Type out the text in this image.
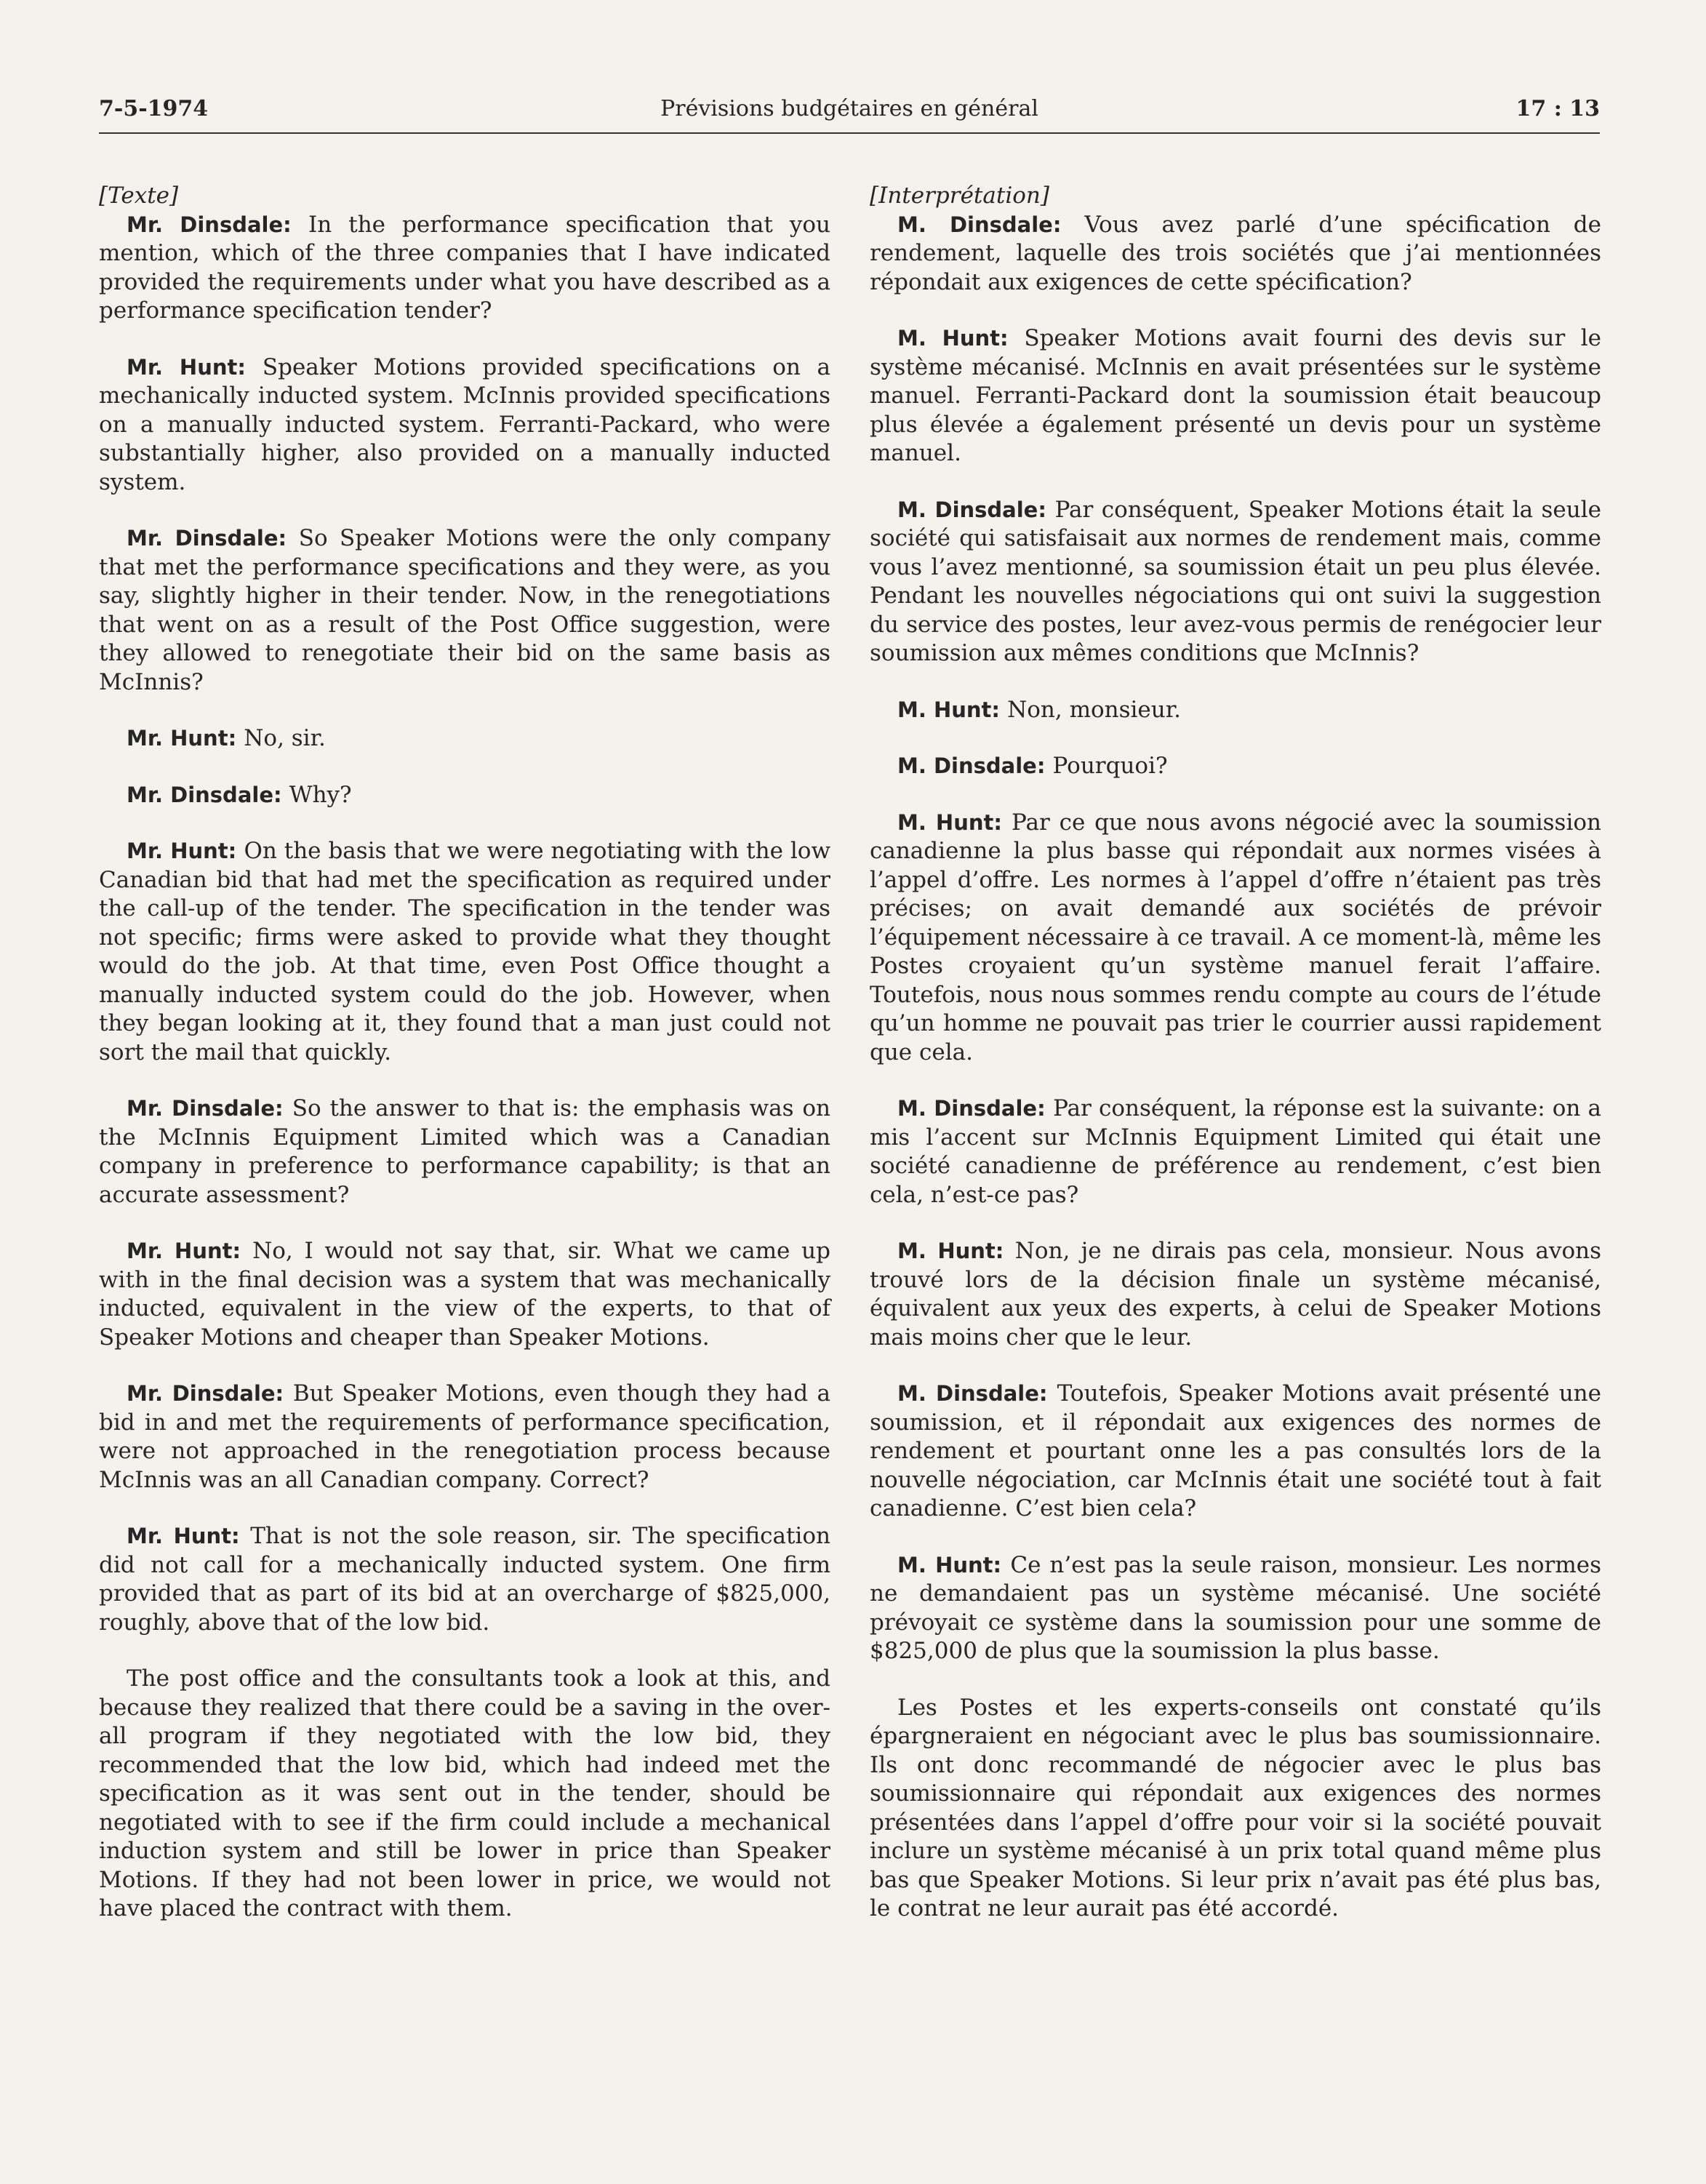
7-5-1974	Prévisions budgétaires en général	17 : 13

[Texte]

Mr. Dinsdale: In the performance specification that you mention, which of the three companies that I have indicated provided the requirements under what you have described as a performance specification tender?

Mr. Hunt: Speaker Motions provided specifications on a mechanically inducted system. McInnis provided specifications on a manually inducted system. Ferranti-Packard, who were substantially higher, also provided on a manually inducted system.

Mr. Dinsdale: So Speaker Motions were the only company that met the performance specifications and they were, as you say, slightly higher in their tender. Now, in the renegotiations that went on as a result of the Post Office suggestion, were they allowed to renegotiate their bid on the same basis as McInnis?

Mr. Hunt: No, sir.

Mr. Dinsdale: Why?

Mr. Hunt: On the basis that we were negotiating with the low Canadian bid that had met the specification as required under the call-up of the tender. The specification in the tender was not specific; firms were asked to provide what they thought would do the job. At that time, even Post Office thought a manually inducted system could do the job. However, when they began looking at it, they found that a man just could not sort the mail that quickly.

Mr. Dinsdale: So the answer to that is: the emphasis was on the McInnis Equipment Limited which was a Canadian company in preference to performance capability; is that an accurate assessment?

Mr. Hunt: No, I would not say that, sir. What we came up with in the final decision was a system that was mechanically inducted, equivalent in the view of the experts, to that of Speaker Motions and cheaper than Speaker Motions.

Mr. Dinsdale: But Speaker Motions, even though they had a bid in and met the requirements of performance specification, were not approached in the renegotiation process because McInnis was an all Canadian company. Correct?

Mr. Hunt: That is not the sole reason, sir. The specification did not call for a mechanically inducted system. One firm provided that as part of its bid at an overcharge of $825,000, roughly, above that of the low bid.

The post office and the consultants took a look at this, and because they realized that there could be a saving in the over-all program if they negotiated with the low bid, they recommended that the low bid, which had indeed met the specification as it was sent out in the tender, should be negotiated with to see if the firm could include a mechanical induction system and still be lower in price than Speaker Motions. If they had not been lower in price, we would not have placed the contract with them.

[Interprétation]

M. Dinsdale: Vous avez parlé d’une spécification de rendement, laquelle des trois sociétés que j’ai mentionnées répondait aux exigences de cette spécification?

M. Hunt: Speaker Motions avait fourni des devis sur le système mécanisé. McInnis en avait présentées sur le système manuel. Ferranti-Packard dont la soumission était beaucoup plus élevée a également présenté un devis pour un système manuel.

M. Dinsdale: Par conséquent, Speaker Motions était la seule société qui satisfaisait aux normes de rendement mais, comme vous l’avez mentionné, sa soumission était un peu plus élevée. Pendant les nouvelles négociations qui ont suivi la suggestion du service des postes, leur avez-vous permis de renégocier leur soumission aux mêmes conditions que McInnis?

M. Hunt: Non, monsieur.

M. Dinsdale: Pourquoi?

M. Hunt: Par ce que nous avons négocié avec la soumission canadienne la plus basse qui répondait aux normes visées à l’appel d’offre. Les normes à l’appel d’offre n’étaient pas très précises; on avait demandé aux sociétés de prévoir l’équipement nécessaire à ce travail. A ce moment-là, même les Postes croyaient qu’un système manuel ferait l’affaire. Toutefois, nous nous sommes rendu compte au cours de l’étude qu’un homme ne pouvait pas trier le courrier aussi rapidement que cela.

M. Dinsdale: Par conséquent, la réponse est la suivante: on a mis l’accent sur McInnis Equipment Limited qui était une société canadienne de préférence au rendement, c’est bien cela, n’est-ce pas?

M. Hunt: Non, je ne dirais pas cela, monsieur. Nous avons trouvé lors de la décision finale un système mécanisé, équivalent aux yeux des experts, à celui de Speaker Motions mais moins cher que le leur.

M. Dinsdale: Toutefois, Speaker Motions avait présenté une soumission, et il répondait aux exigences des normes de rendement et pourtant onne les a pas consultés lors de la nouvelle négociation, car McInnis était une société tout à fait canadienne. C’est bien cela?

M. Hunt: Ce n’est pas la seule raison, monsieur. Les normes ne demandaient pas un système mécanisé. Une société prévoyait ce système dans la soumission pour une somme de $825,000 de plus que la soumission la plus basse.

Les Postes et les experts-conseils ont constaté qu’ils épargneraient en négociant avec le plus bas soumissionnaire. Ils ont donc recommandé de négocier avec le plus bas soumissionnaire qui répondait aux exigences des normes présentées dans l’appel d’offre pour voir si la société pouvait inclure un système mécanisé à un prix total quand même plus bas que Speaker Motions. Si leur prix n’avait pas été plus bas, le contrat ne leur aurait pas été accordé.
